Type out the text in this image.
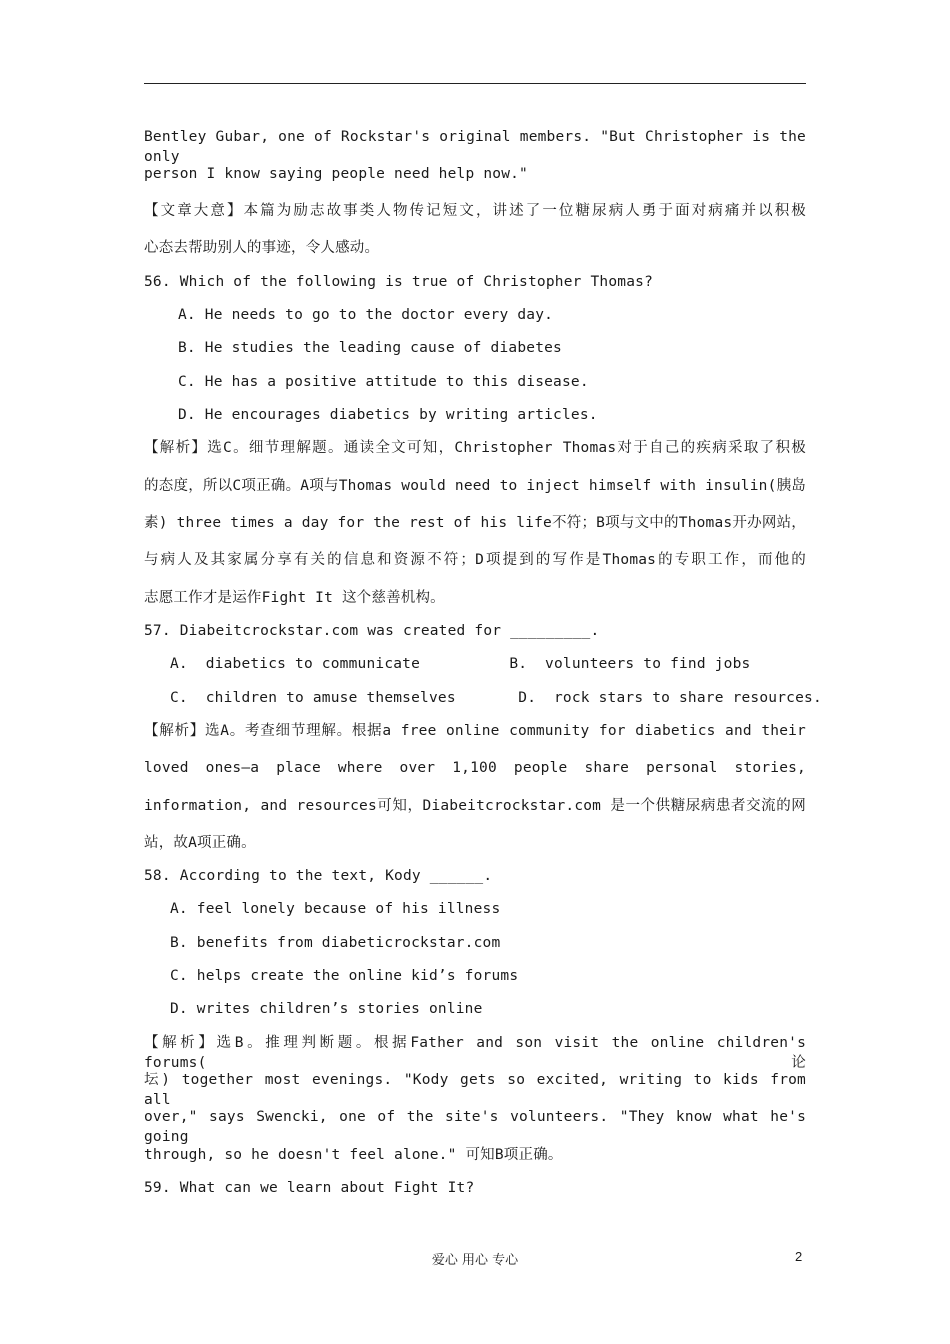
Bentley Gubar, one of Rockstar's original members. "But Christopher is the only
person I know saying people need help now."
【文章大意】本篇为励志故事类人物传记短文，讲述了一位糖尿病人勇于面对病痛并以积极
心态去帮助别人的事迹，令人感动。
56. Which of the following is true of Christopher Thomas?
A. He needs to go to the doctor every day.
B. He studies the leading cause of diabetes
C. He has a positive attitude to this disease.
D. He encourages diabetics by writing articles.
【解析】选C。细节理解题。通读全文可知，Christopher Thomas对于自己的疾病采取了积极
的态度，所以C项正确。A项与Thomas would need to inject himself with insulin(胰岛
素) three times a day for the rest of his life不符；B项与文中的Thomas开办网站，
与病人及其家属分享有关的信息和资源不符；D项提到的写作是Thomas的专职工作，而他的
志愿工作才是运作Fight It 这个慈善机构。
57. Diabeitcrockstar.com was created for _________.
A.  diabetics to communicate          B.  volunteers to find jobs
C.  children to amuse themselves       D.  rock stars to share resources.
【解析】选A。考查细节理解。根据a free online community for diabetics and their
loved ones—a place where over 1,100 people share personal stories,
information, and resources可知，Diabeitcrockstar.com 是一个供糖尿病患者交流的网
站，故A项正确。
58. According to the text, Kody ______.
A. feel lonely because of his illness
B. benefits from diabeticrockstar.com
C. helps create the online kid’s forums
D. writes children’s stories online
【解析】选B。推理判断题。根据Father and son visit the online children's forums(论
坛) together most evenings. "Kody gets so excited, writing to kids from all
over," says Swencki, one of the site's volunteers. "They know what he's going
through, so he doesn't feel alone." 可知B项正确。
59. What can we learn about Fight It?
爱心 用心 专心	2
